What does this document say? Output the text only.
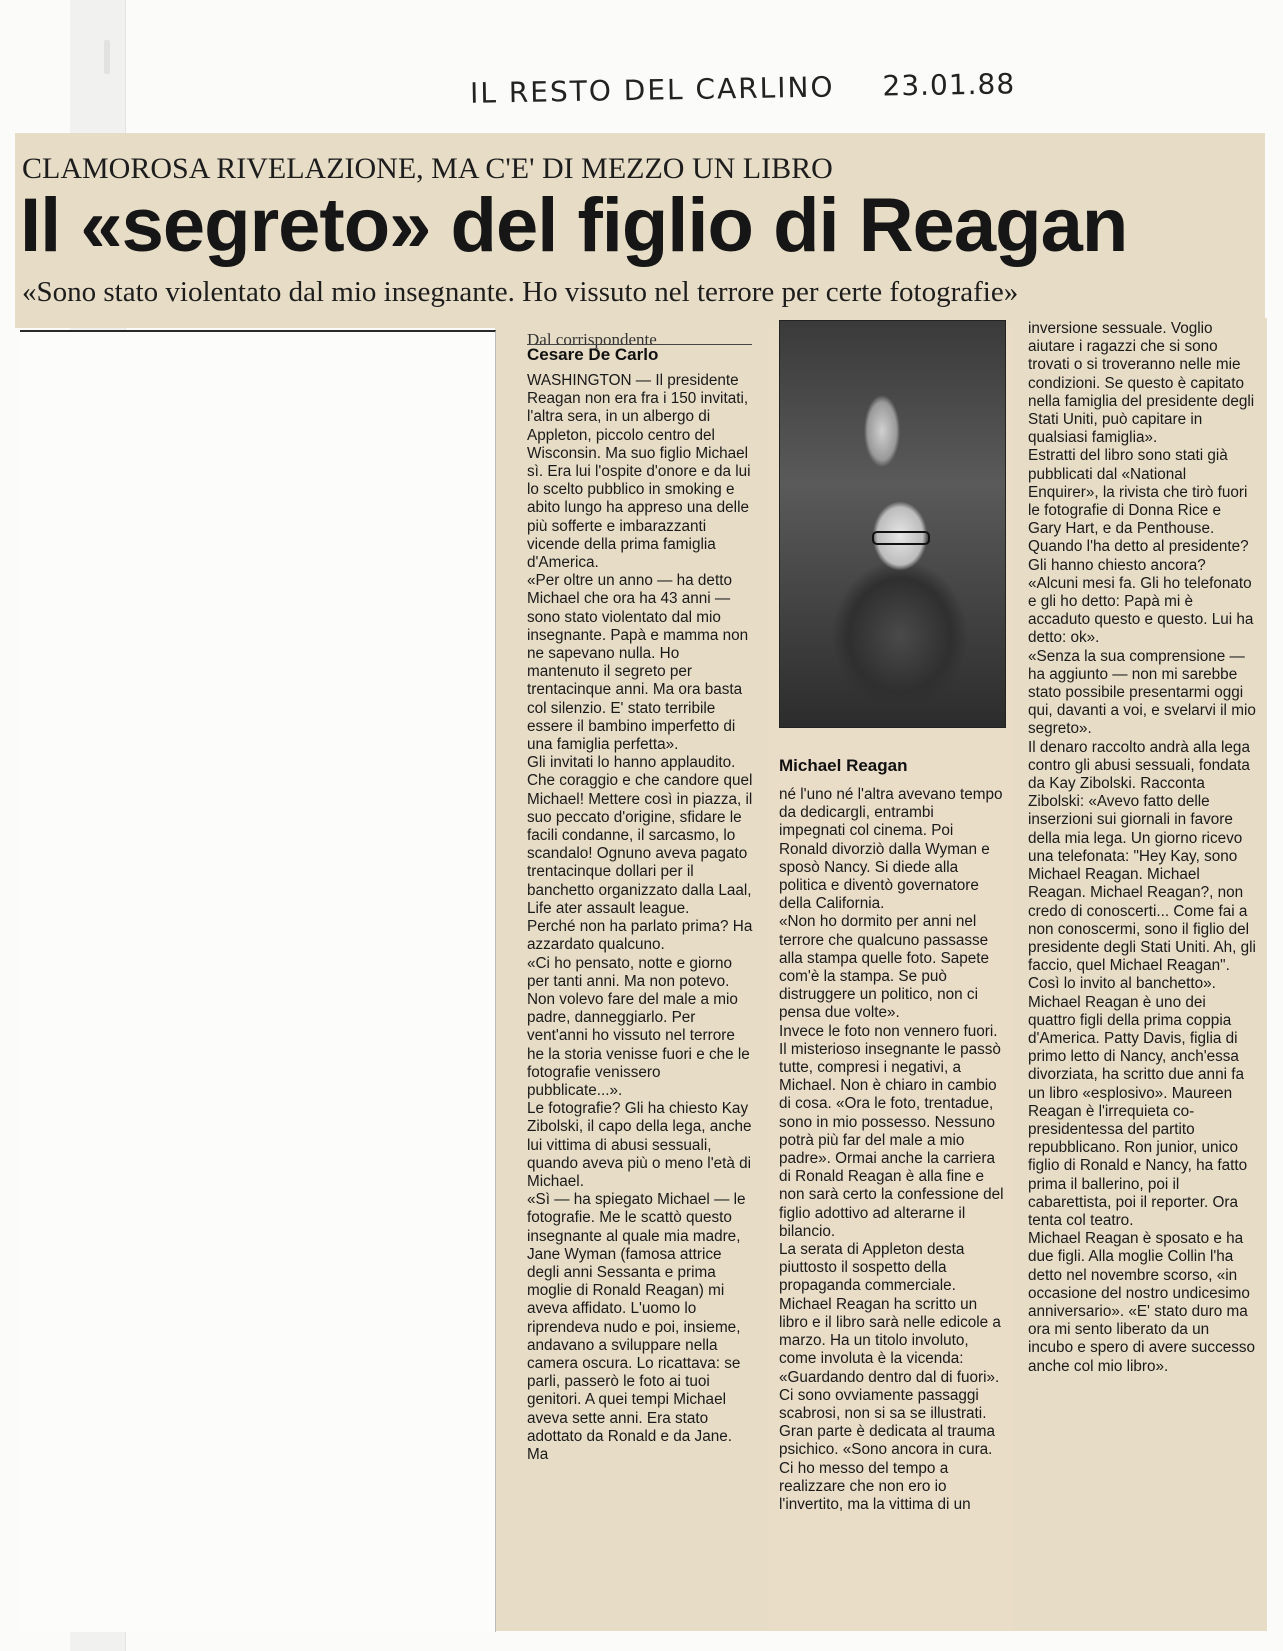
IL RESTO DEL CARLINO 23.01.88
CLAMOROSA RIVELAZIONE, MA C'E' DI MEZZO UN LIBRO
Il «segreto» del figlio di Reagan
«Sono stato violentato dal mio insegnante. Ho vissuto nel terrore per certe fotografie»
Dal corrispondente
Cesare De Carlo

WASHINGTON — Il presidente Reagan non era fra i 150 invitati, l'altra sera, in un albergo di Appleton, piccolo centro del Wisconsin. Ma suo figlio Michael sì. Era lui l'ospite d'onore e da lui lo scelto pubblico in smoking e abito lungo ha appreso una delle più sofferte e imbarazzanti vicende della prima famiglia d'America.

«Per oltre un anno — ha detto Michael che ora ha 43 anni — sono stato violentato dal mio insegnante. Papà e mamma non ne sapevano nulla. Ho mantenuto il segreto per trentacinque anni. Ma ora basta col silenzio. E' stato terribile essere il bambino imperfetto di una famiglia perfetta».

Gli invitati lo hanno applaudito. Che coraggio e che candore quel Michael! Mettere così in piazza, il suo peccato d'origine, sfidare le facili condanne, il sarcasmo, lo scandalo! Ognuno aveva pagato trentacinque dollari per il banchetto organizzato dalla Laal, Life ater assault league.

Perché non ha parlato prima? Ha azzardato qualcuno.

«Ci ho pensato, notte e giorno per tanti anni. Ma non potevo. Non volevo fare del male a mio padre, danneggiarlo. Per vent'anni ho vissuto nel terrore he la storia venisse fuori e che le fotografie venissero pubblicate...».

Le fotografie? Gli ha chiesto Kay Zibolski, il capo della lega, anche lui vittima di abusi sessuali, quando aveva più o meno l'età di Michael.

«Sì — ha spiegato Michael — le fotografie. Me le scattò questo insegnante al quale mia madre, Jane Wyman (famosa attrice degli anni Sessanta e prima moglie di Ronald Reagan) mi aveva affidato. L'uomo lo riprendeva nudo e poi, insieme, andavano a sviluppare nella camera oscura. Lo ricattava: se parli, passerò le foto ai tuoi genitori. A quei tempi Michael aveva sette anni. Era stato adottato da Ronald e da Jane. Ma

Michael Reagan

né l'uno né l'altra avevano tempo da dedicargli, entrambi impegnati col cinema. Poi Ronald divorziò dalla Wyman e sposò Nancy. Si diede alla politica e diventò governatore della California.

«Non ho dormito per anni nel terrore che qualcuno passasse alla stampa quelle foto. Sapete com'è la stampa. Se può distruggere un politico, non ci pensa due volte».

Invece le foto non vennero fuori. Il misterioso insegnante le passò tutte, compresi i negativi, a Michael. Non è chiaro in cambio di cosa. «Ora le foto, trentadue, sono in mio possesso. Nessuno potrà più far del male a mio padre». Ormai anche la carriera di Ronald Reagan è alla fine e non sarà certo la confessione del figlio adottivo ad alterarne il bilancio.

La serata di Appleton desta piuttosto il sospetto della propaganda commerciale.

Michael Reagan ha scritto un libro e il libro sarà nelle edicole a marzo. Ha un titolo involuto, come involuta è la vicenda: «Guardando dentro dal di fuori». Ci sono ovviamente passaggi scabrosi, non si sa se illustrati. Gran parte è dedicata al trauma psichico. «Sono ancora in cura. Ci ho messo del tempo a realizzare che non ero io l'invertito, ma la vittima di un

inversione sessuale. Voglio aiutare i ragazzi che si sono trovati o si troveranno nelle mie condizioni. Se questo è capitato nella famiglia del presidente degli Stati Uniti, può capitare in qualsiasi famiglia».

Estratti del libro sono stati già pubblicati dal «National Enquirer», la rivista che tirò fuori le fotografie di Donna Rice e Gary Hart, e da Penthouse.

Quando l'ha detto al presidente? Gli hanno chiesto ancora?

«Alcuni mesi fa. Gli ho telefonato e gli ho detto: Papà mi è accaduto questo e questo. Lui ha detto: ok».

«Senza la sua comprensione — ha aggiunto — non mi sarebbe stato possibile presentarmi oggi qui, davanti a voi, e svelarvi il mio segreto».

Il denaro raccolto andrà alla lega contro gli abusi sessuali, fondata da Kay Zibolski. Racconta Zibolski: «Avevo fatto delle inserzioni sui giornali in favore della mia lega. Un giorno ricevo una telefonata: "Hey Kay, sono Michael Reagan. Michael Reagan. Michael Reagan?, non credo di conoscerti... Come fai a non conoscermi, sono il figlio del presidente degli Stati Uniti. Ah, gli faccio, quel Michael Reagan". Così lo invito al banchetto».

Michael Reagan è uno dei quattro figli della prima coppia d'America. Patty Davis, figlia di primo letto di Nancy, anch'essa divorziata, ha scritto due anni fa un libro «esplosivo». Maureen Reagan è l'irrequieta co-presidentessa del partito repubblicano. Ron junior, unico figlio di Ronald e Nancy, ha fatto prima il ballerino, poi il cabarettista, poi il reporter. Ora tenta col teatro.

Michael Reagan è sposato e ha due figli. Alla moglie Collin l'ha detto nel novembre scorso, «in occasione del nostro undicesimo anniversario». «E' stato duro ma ora mi sento liberato da un incubo e spero di avere successo anche col mio libro».
